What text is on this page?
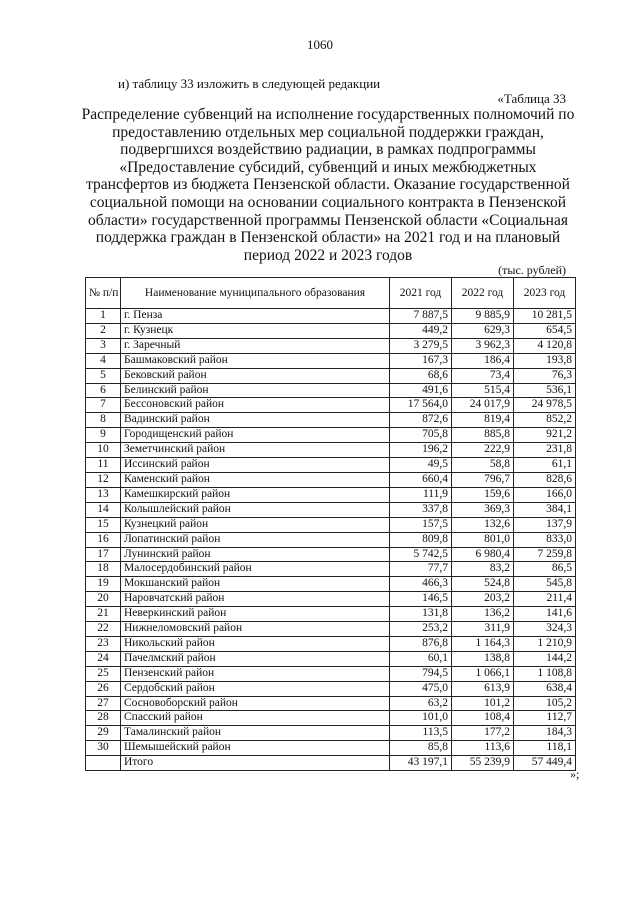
1060
и) таблицу 33 изложить в следующей редакции
«Таблица 33
Распределение субвенций на исполнение государственных полномочий по
предоставлению отдельных мер социальной поддержки граждан,
подвергшихся воздействию радиации, в рамках подпрограммы
«Предоставление субсидий, субвенций и иных межбюджетных
трансфертов из бюджета Пензенской области. Оказание государственной
социальной помощи на основании социального контракта в Пензенской
области» государственной программы Пензенской области «Социальная
поддержка граждан в Пензенской области» на 2021 год и на плановый
период 2022 и 2023 годов
(тыс. рублей)
№ п/п	Наименование муниципального образования	2021 год	2022 год	2023 год
1	г. Пенза	7 887,5	9 885,9	10 281,5
2	г. Кузнецк	449,2	629,3	654,5
3	г. Заречный	3 279,5	3 962,3	4 120,8
4	Башмаковский район	167,3	186,4	193,8
5	Бековский район	68,6	73,4	76,3
6	Белинский район	491,6	515,4	536,1
7	Бессоновский район	17 564,0	24 017,9	24 978,5
8	Вадинский район	872,6	819,4	852,2
9	Городищенский район	705,8	885,8	921,2
10	Земетчинский район	196,2	222,9	231,8
11	Иссинский район	49,5	58,8	61,1
12	Каменский район	660,4	796,7	828,6
13	Камешкирский район	111,9	159,6	166,0
14	Колышлейский район	337,8	369,3	384,1
15	Кузнецкий район	157,5	132,6	137,9
16	Лопатинский район	809,8	801,0	833,0
17	Лунинский район	5 742,5	6 980,4	7 259,8
18	Малосердобинский район	77,7	83,2	86,5
19	Мокшанский район	466,3	524,8	545,8
20	Наровчатский район	146,5	203,2	211,4
21	Неверкинский район	131,8	136,2	141,6
22	Нижнеломовский район	253,2	311,9	324,3
23	Никольский район	876,8	1 164,3	1 210,9
24	Пачелмский район	60,1	138,8	144,2
25	Пензенский район	794,5	1 066,1	1 108,8
26	Сердобский район	475,0	613,9	638,4
27	Сосновоборский район	63,2	101,2	105,2
28	Спасский район	101,0	108,4	112,7
29	Тамалинский район	113,5	177,2	184,3
30	Шемышейский район	85,8	113,6	118,1
	Итого	43 197,1	55 239,9	57 449,4
»;
